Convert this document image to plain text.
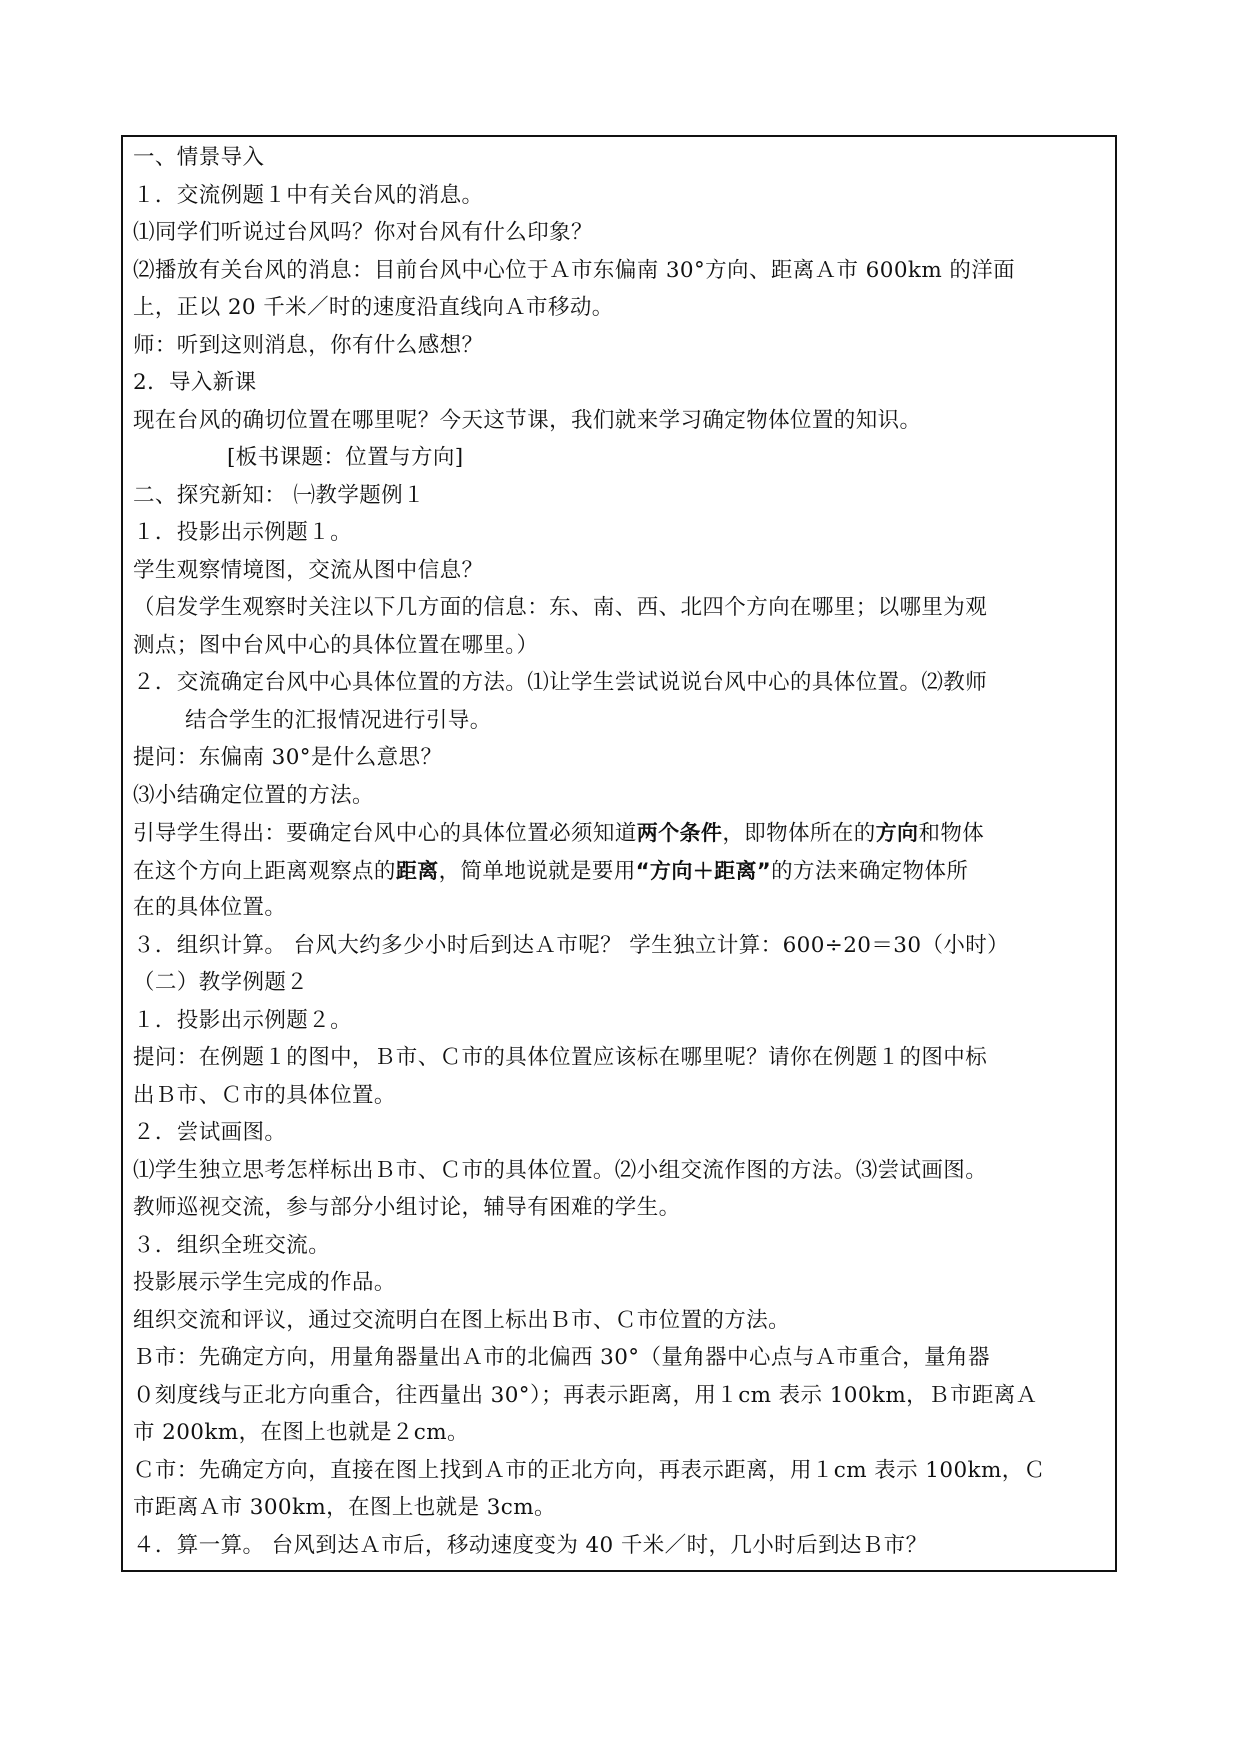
一、情景导入
１．交流例题１中有关台风的消息。
⑴同学们听说过台风吗？你对台风有什么印象？
⑵播放有关台风的消息：目前台风中心位于Ａ市东偏南 30°方向、距离Ａ市 600km 的洋面
上，正以 20 千米／时的速度沿直线向Ａ市移动。
师：听到这则消息，你有什么感想？
2．导入新课
现在台风的确切位置在哪里呢？今天这节课，我们就来学习确定物体位置的知识。
[板书课题：位置与方向]
二、探究新知： ㈠教学题例１
１．投影出示例题１。
学生观察情境图，交流从图中信息？
（启发学生观察时关注以下几方面的信息：东、南、西、北四个方向在哪里；以哪里为观
测点；图中台风中心的具体位置在哪里。）
２．交流确定台风中心具体位置的方法。⑴让学生尝试说说台风中心的具体位置。⑵教师
结合学生的汇报情况进行引导。
提问：东偏南 30°是什么意思？
⑶小结确定位置的方法。
引导学生得出：要确定台风中心的具体位置必须知道两个条件，即物体所在的方向和物体
在这个方向上距离观察点的距离，简单地说就是要用“方向＋距离”的方法来确定物体所
在的具体位置。
３．组织计算。 台风大约多少小时后到达Ａ市呢？ 学生独立计算：600÷20＝30（小时）
（二）教学例题２
１．投影出示例题２。
提问：在例题１的图中，Ｂ市、Ｃ市的具体位置应该标在哪里呢？请你在例题１的图中标
出Ｂ市、Ｃ市的具体位置。
２．尝试画图。
⑴学生独立思考怎样标出Ｂ市、Ｃ市的具体位置。⑵小组交流作图的方法。⑶尝试画图。
教师巡视交流，参与部分小组讨论，辅导有困难的学生。
３．组织全班交流。
投影展示学生完成的作品。
组织交流和评议，通过交流明白在图上标出Ｂ市、Ｃ市位置的方法。
Ｂ市：先确定方向，用量角器量出Ａ市的北偏西 30°（量角器中心点与Ａ市重合，量角器
０刻度线与正北方向重合，往西量出 30°）；再表示距离，用１cm 表示 100km，Ｂ市距离Ａ
市 200km，在图上也就是２cm。
Ｃ市：先确定方向，直接在图上找到Ａ市的正北方向，再表示距离，用１cm 表示 100km，Ｃ
市距离Ａ市 300km，在图上也就是 3cm。
４．算一算。 台风到达Ａ市后，移动速度变为 40 千米／时，几小时后到达Ｂ市？
